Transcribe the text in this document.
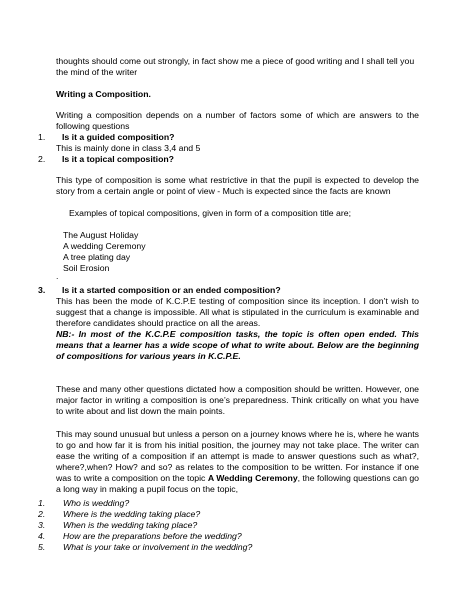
thoughts should come out strongly, in fact show me a piece of good writing and I shall tell you the mind of the writer

Writing a Composition.

Writing a composition depends on a number of factors some of which are answers to the following questions

1. Is it a guided composition?
This is mainly done in class 3,4 and 5
2. Is it a topical composition?

This type of composition is some what restrictive in that the pupil is expected to develop the story from a certain angle or point of view - Much is expected since the facts are known

Examples of topical compositions, given in form of a composition title are;
The August Holiday
A wedding Ceremony
A tree plating day
Soil Erosion
.
3. Is it a started composition or an ended composition?

This has been the mode of K.C.P.E testing of composition since its inception. I don’t wish to suggest that a change is impossible. All what is stipulated in the curriculum is examinable and therefore candidates should practice on all the areas.

NB:- In most of the K.C.P.E composition tasks, the topic is often open ended. This means that a learner has a wide scope of what to write about. Below are the beginning of compositions for various years in K.C.P.E.

These and many other questions dictated how a composition should be written. However, one major factor in writing a composition is one’s preparedness. Think critically on what you have to write about and list down the main points.

This may sound unusual but unless a person on a journey knows where he is, where he wants to go and how far it is from his initial position, the journey may not take place. The writer can ease the writing of a composition if an attempt is made to answer questions such as what?, where?,when? How? and so? as relates to the composition to be written. For instance if one was to write a composition on the topic A Wedding Ceremony, the following questions can go a long way in making a pupil focus on the topic,

1. Who is wedding?
2. Where is the wedding taking place?
3. When is the wedding taking place?
4. How are the preparations before the wedding?
5. What is your take or involvement in the wedding?
